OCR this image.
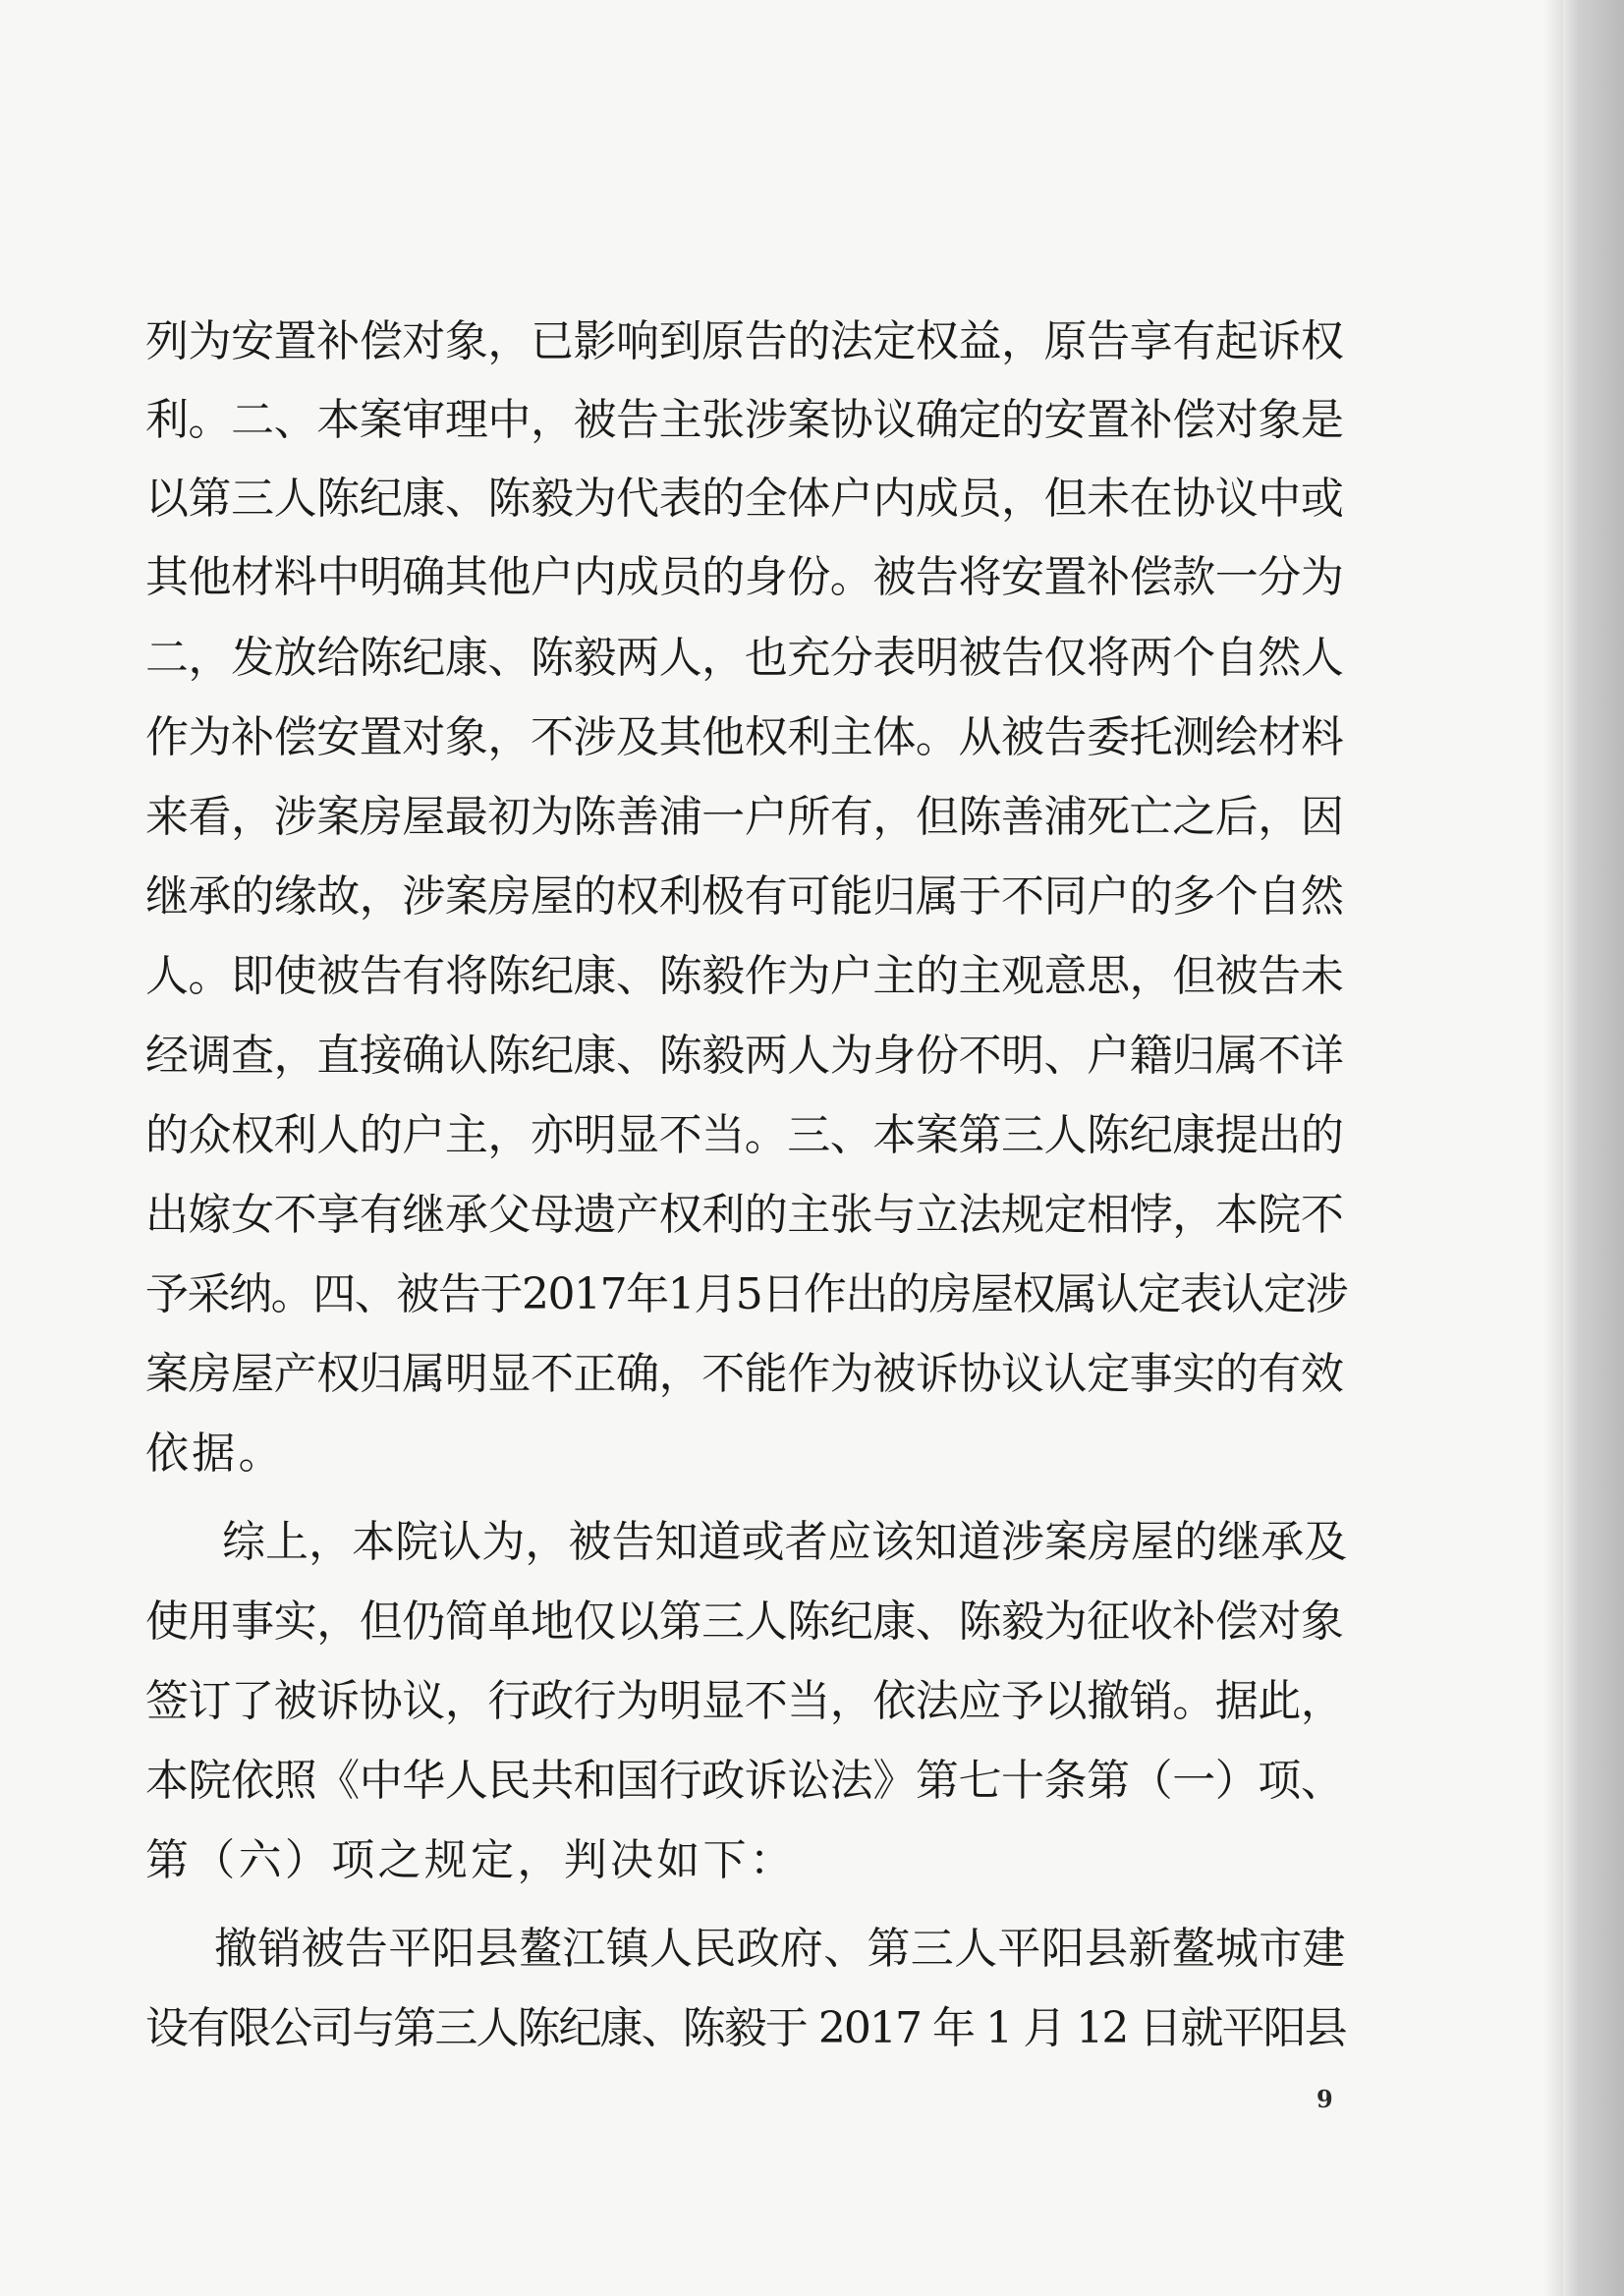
列为安置补偿对象，已影响到原告的法定权益，原告享有起诉权
利。二、本案审理中，被告主张涉案协议确定的安置补偿对象是
以第三人陈纪康、陈毅为代表的全体户内成员，但未在协议中或
其他材料中明确其他户内成员的身份。被告将安置补偿款一分为
二，发放给陈纪康、陈毅两人，也充分表明被告仅将两个自然人
作为补偿安置对象，不涉及其他权利主体。从被告委托测绘材料
来看，涉案房屋最初为陈善浦一户所有，但陈善浦死亡之后，因
继承的缘故，涉案房屋的权利极有可能归属于不同户的多个自然
人。即使被告有将陈纪康、陈毅作为户主的主观意思，但被告未
经调查，直接确认陈纪康、陈毅两人为身份不明、户籍归属不详
的众权利人的户主，亦明显不当。三、本案第三人陈纪康提出的
出嫁女不享有继承父母遗产权利的主张与立法规定相悖，本院不
予采纳。四、被告于2017年1月5日作出的房屋权属认定表认定涉
案房屋产权归属明显不正确，不能作为被诉协议认定事实的有效
依据。
综上，本院认为，被告知道或者应该知道涉案房屋的继承及
使用事实，但仍简单地仅以第三人陈纪康、陈毅为征收补偿对象
签订了被诉协议，行政行为明显不当，依法应予以撤销。据此，
本院依照《中华人民共和国行政诉讼法》第七十条第（一）项、
第（六）项之规定，判决如下：
撤销被告平阳县鳌江镇人民政府、第三人平阳县新鳌城市建
设有限公司与第三人陈纪康、陈毅于 2017 年 1 月 12 日就平阳县
9
